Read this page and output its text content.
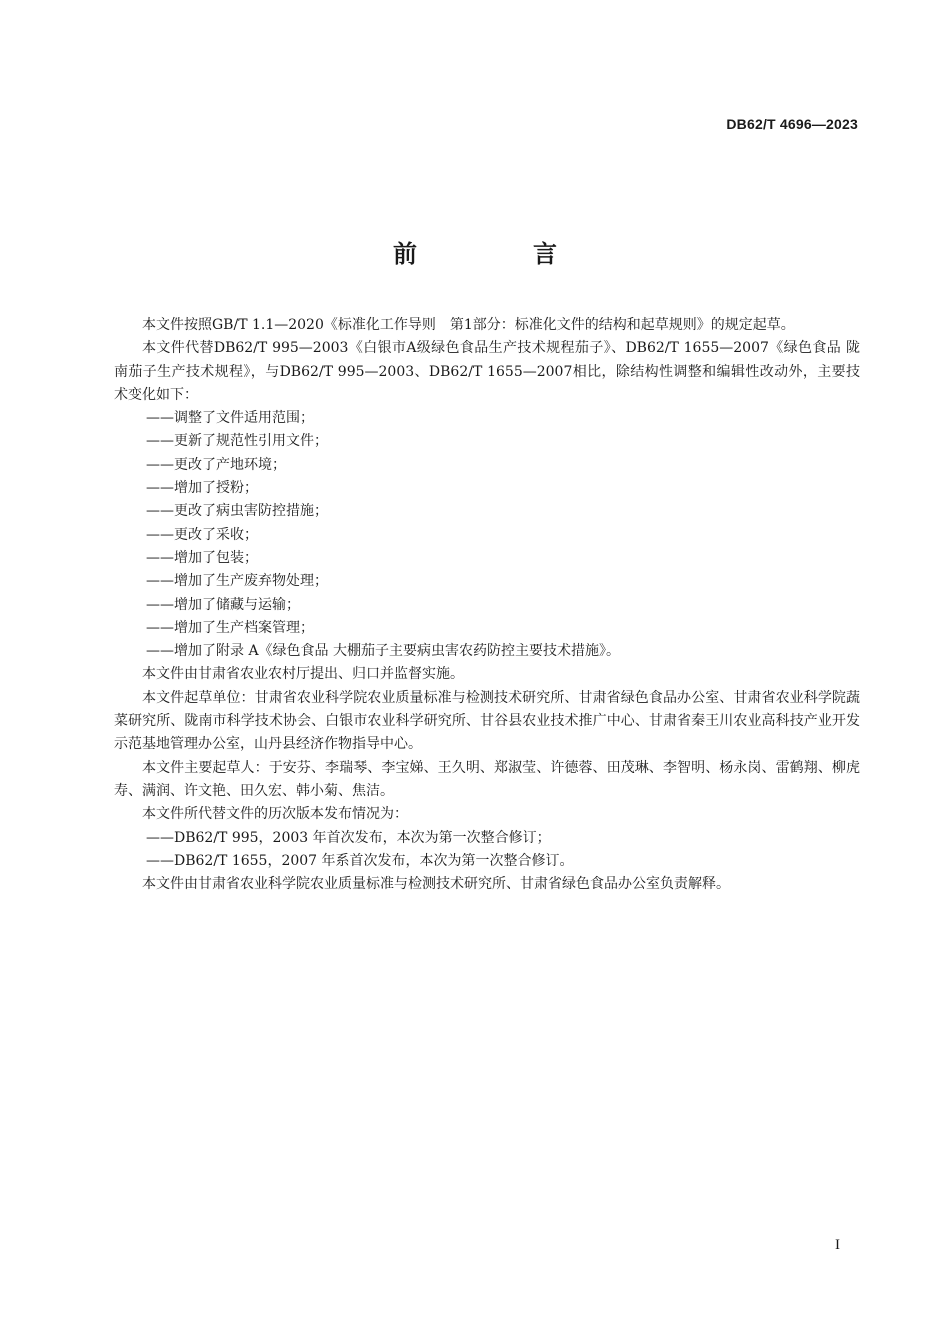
DB62/T 4696—2023
前　言

本文件按照GB/T 1.1—2020《标准化工作导则　第1部分：标准化文件的结构和起草规则》的规定起草。

本文件代替DB62/T 995—2003《白银市A级绿色食品生产技术规程茄子》、DB62/T 1655—2007《绿色食品 陇南茄子生产技术规程》，与DB62/T 995—2003、DB62/T 1655—2007相比，除结构性调整和编辑性改动外，主要技术变化如下：

——调整了文件适用范围；

——更新了规范性引用文件；

——更改了产地环境；

——增加了授粉；

——更改了病虫害防控措施；

——更改了采收；

——增加了包装；

——增加了生产废弃物处理；

——增加了储藏与运输；

——增加了生产档案管理；

——增加了附录 A《绿色食品 大棚茄子主要病虫害农药防控主要技术措施》。

本文件由甘肃省农业农村厅提出、归口并监督实施。

本文件起草单位：甘肃省农业科学院农业质量标准与检测技术研究所、甘肃省绿色食品办公室、甘肃省农业科学院蔬菜研究所、陇南市科学技术协会、白银市农业科学研究所、甘谷县农业技术推广中心、甘肃省秦王川农业高科技产业开发示范基地管理办公室，山丹县经济作物指导中心。

本文件主要起草人：于安芬、李瑞琴、李宝娣、王久明、郑淑莹、许德蓉、田茂琳、李智明、杨永岗、雷鹤翔、柳虎寿、满润、许文艳、田久宏、韩小菊、焦洁。

本文件所代替文件的历次版本发布情况为：

——DB62/T 995，2003 年首次发布，本次为第一次整合修订；

——DB62/T 1655，2007 年系首次发布，本次为第一次整合修订。

本文件由甘肃省农业科学院农业质量标准与检测技术研究所、甘肃省绿色食品办公室负责解释。

I
